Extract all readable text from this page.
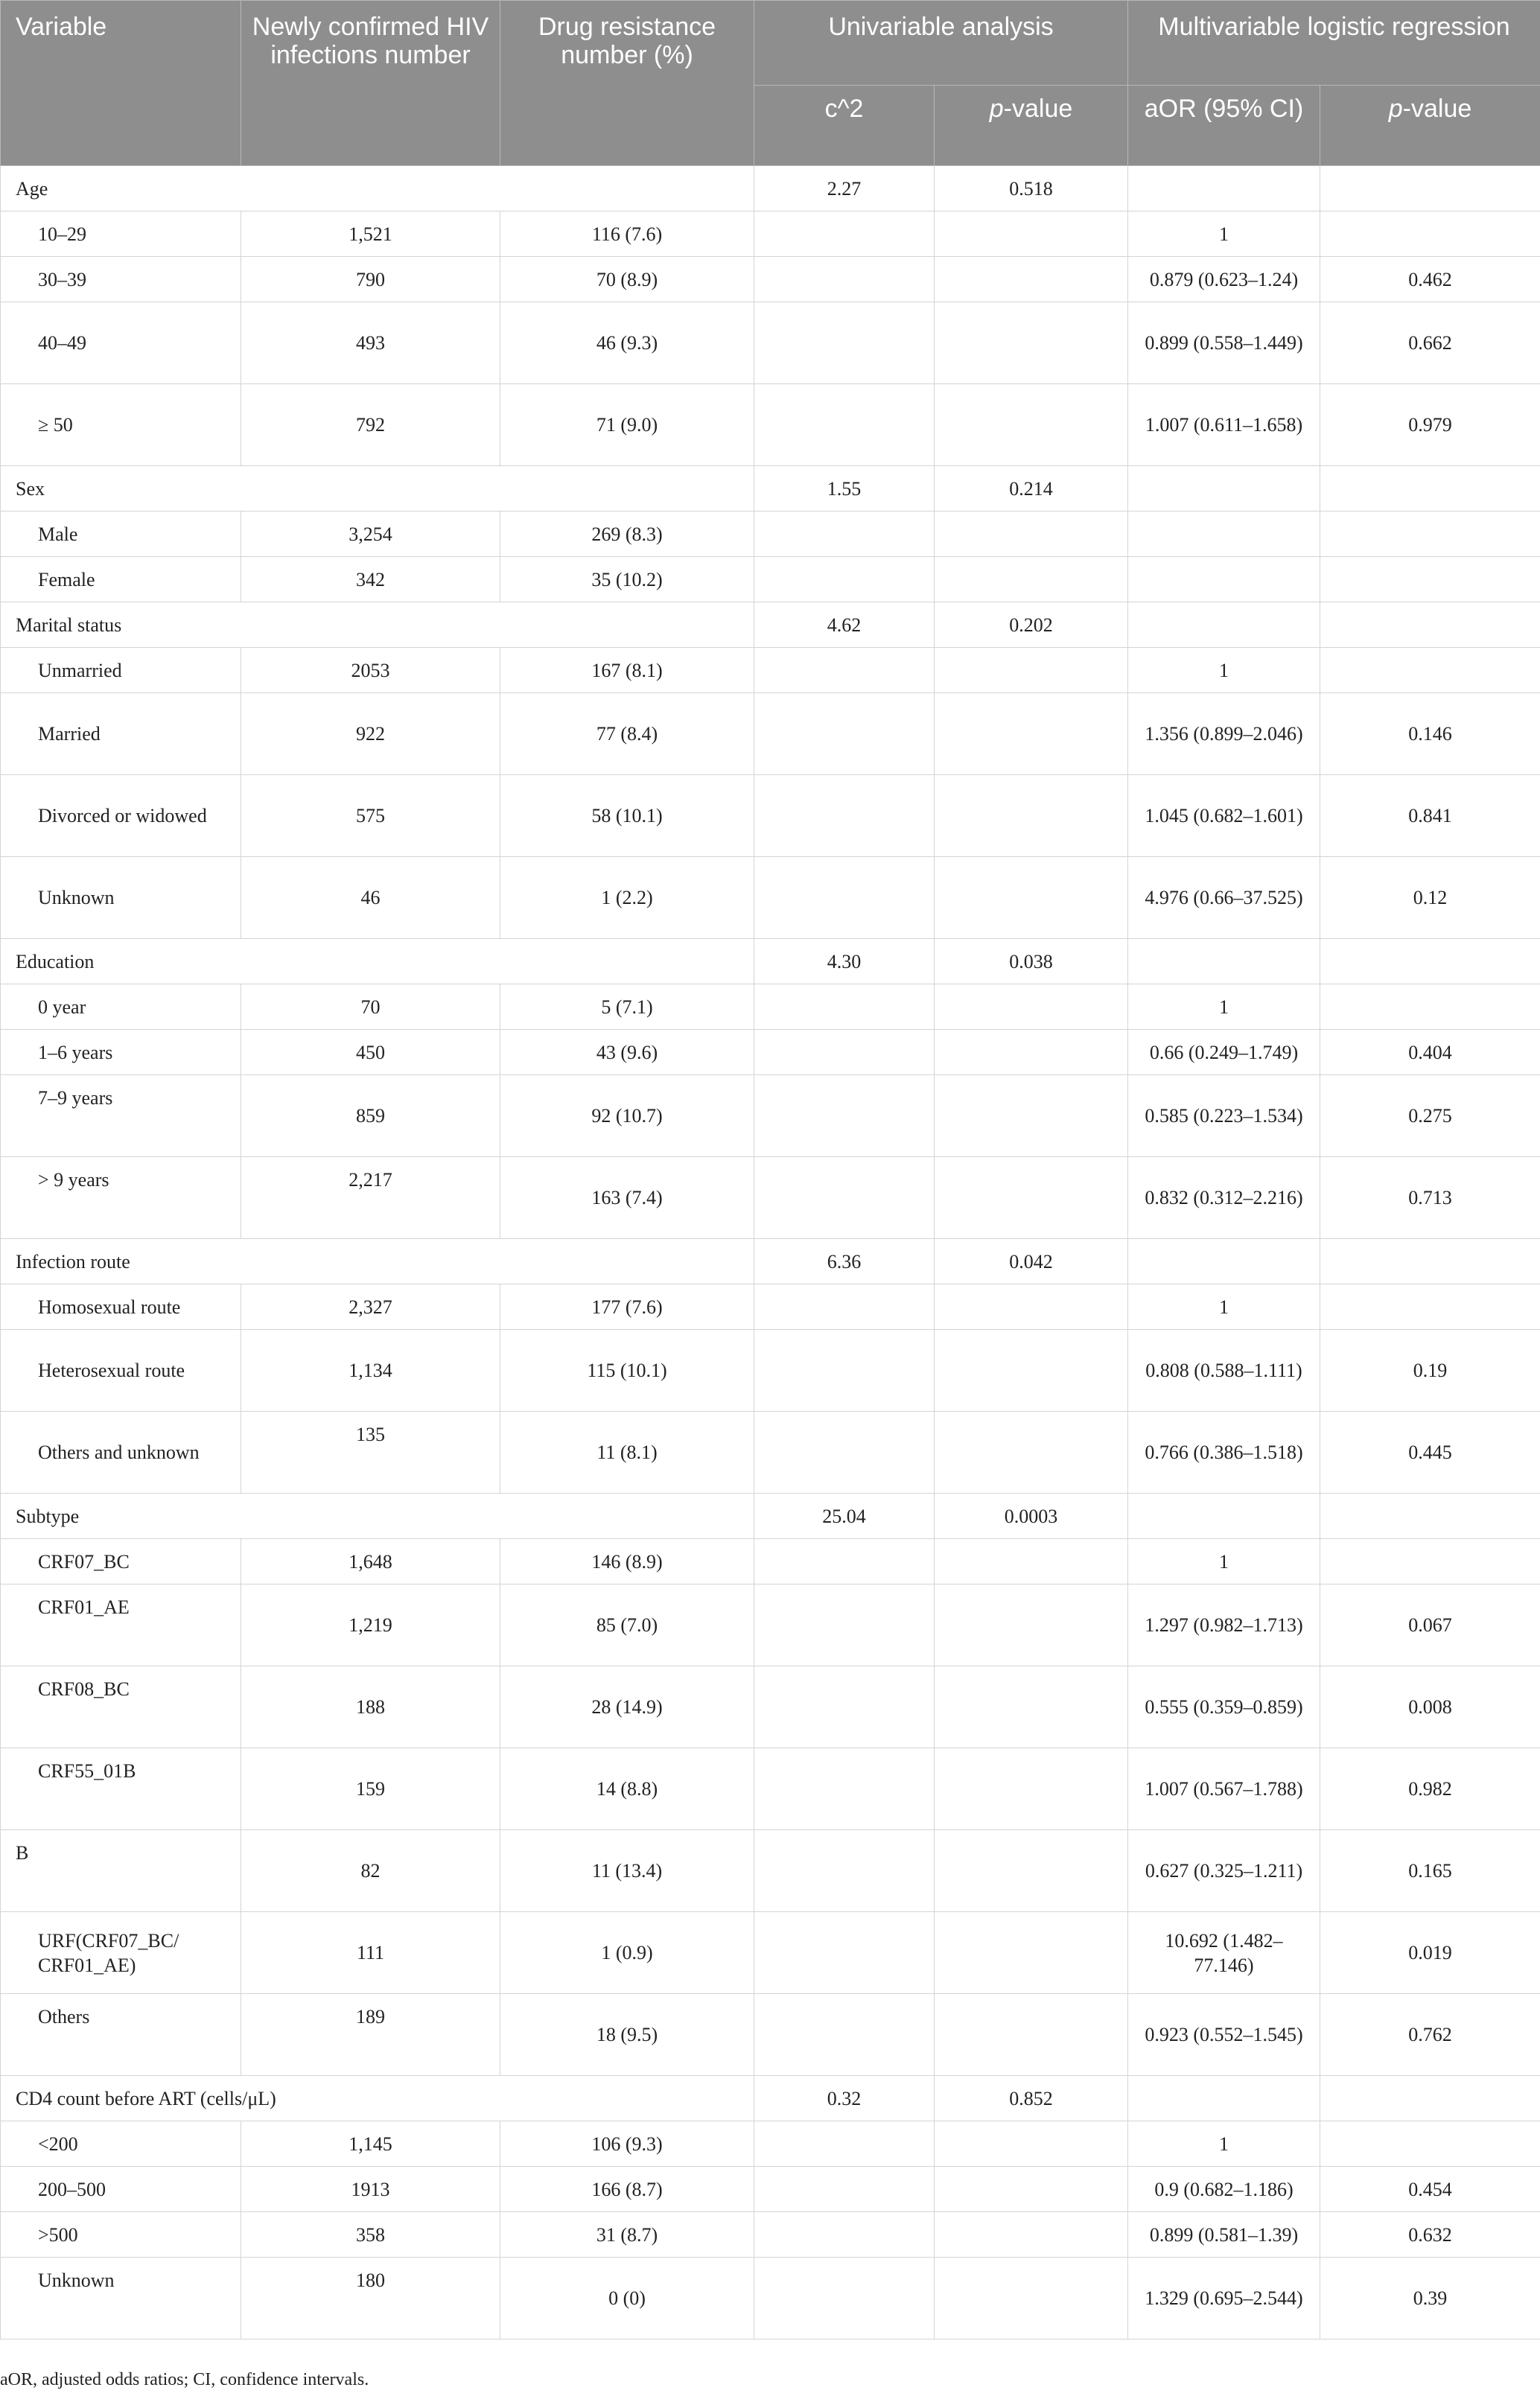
Variable	Newly confirmed HIV infections number	Drug resistance number (%)	Univariable analysis		Multivariable logistic regression	
			c^2	p-value	aOR (95% CI)	p-value
Age			2.27	0.518		
10–29	1,521	116 (7.6)			1	
30–39	790	70 (8.9)			0.879 (0.623–1.24)	0.462
40–49	493	46 (9.3)			0.899 (0.558–1.449)	0.662
≥ 50	792	71 (9.0)			1.007 (0.611–1.658)	0.979
Sex			1.55	0.214		
Male	3,254	269 (8.3)				
Female	342	35 (10.2)				
Marital status			4.62	0.202		
Unmarried	2053	167 (8.1)			1	
Married	922	77 (8.4)			1.356 (0.899–2.046)	0.146
Divorced or widowed	575	58 (10.1)			1.045 (0.682–1.601)	0.841
Unknown	46	1 (2.2)			4.976 (0.66–37.525)	0.12
Education			4.30	0.038		
0 year	70	5 (7.1)			1	
1–6 years	450	43 (9.6)			0.66 (0.249–1.749)	0.404
7–9 years	859	92 (10.7)			0.585 (0.223–1.534)	0.275
> 9 years	2,217	163 (7.4)			0.832 (0.312–2.216)	0.713
Infection route			6.36	0.042		
Homosexual route	2,327	177 (7.6)			1	
Heterosexual route	1,134	115 (10.1)			0.808 (0.588–1.111)	0.19
Others and unknown	135	11 (8.1)			0.766 (0.386–1.518)	0.445
Subtype			25.04	0.0003		
CRF07_BC	1,648	146 (8.9)			1	
CRF01_AE	1,219	85 (7.0)			1.297 (0.982–1.713)	0.067
CRF08_BC	188	28 (14.9)			0.555 (0.359–0.859)	0.008
CRF55_01B	159	14 (8.8)			1.007 (0.567–1.788)	0.982
B	82	11 (13.4)			0.627 (0.325–1.211)	0.165
URF(CRF07_BC/ CRF01_AE)	111	1 (0.9)			10.692 (1.482–77.146)	0.019
Others	189	18 (9.5)			0.923 (0.552–1.545)	0.762
CD4 count before ART (cells/μL)			0.32	0.852		
<200	1,145	106 (9.3)			1	
200–500	1913	166 (8.7)			0.9 (0.682–1.186)	0.454
>500	358	31 (8.7)			0.899 (0.581–1.39)	0.632
Unknown	180	0 (0)			1.329 (0.695–2.544)	0.39
aOR, adjusted odds ratios; CI, confidence intervals.
